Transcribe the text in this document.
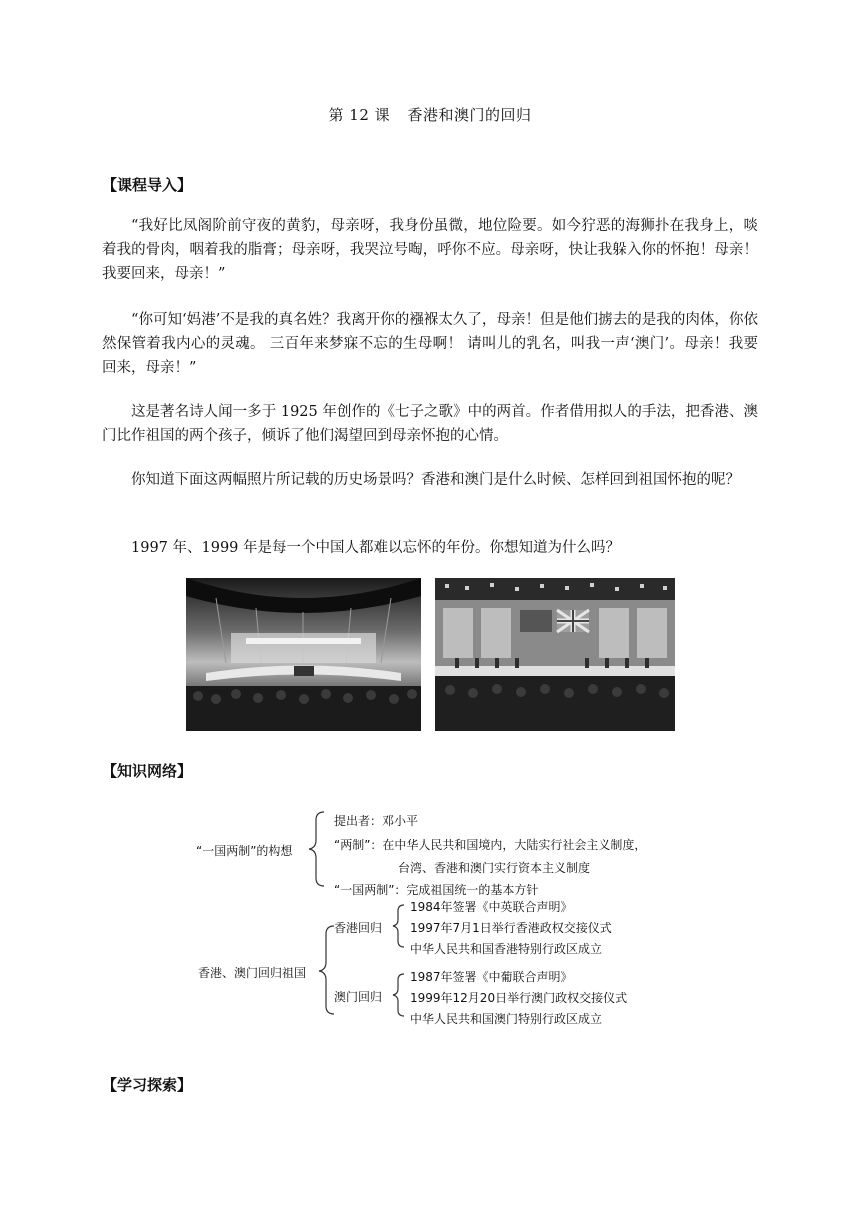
第 12 课 香港和澳门的回归
【课程导入】
“我好比凤阁阶前守夜的黄豹，母亲呀，我身份虽微，地位险要。如今狞恶的海狮扑在我身上，啖着我的骨肉，咽着我的脂膏；母亲呀，我哭泣号啕，呼你不应。母亲呀，快让我躲入你的怀抱！母亲！我要回来，母亲！”
“你可知‘妈港’不是我的真名姓？我离开你的襁褓太久了，母亲！但是他们掳去的是我的肉体，你依然保管着我内心的灵魂。 三百年来梦寐不忘的生母啊！ 请叫儿的乳名，叫我一声‘澳门’。母亲！我要回来，母亲！”
这是著名诗人闻一多于 1925 年创作的《七子之歌》中的两首。作者借用拟人的手法，把香港、澳门比作祖国的两个孩子，倾诉了他们渴望回到母亲怀抱的心情。
你知道下面这两幅照片所记载的历史场景吗？香港和澳门是什么时候、怎样回到祖国怀抱的呢？
1997 年、1999 年是每一个中国人都难以忘怀的年份。你想知道为什么吗？
【知识网络】
“一国两制”的构想
提出者：邓小平
“两制”：在中华人民共和国境内，大陆实行社会主义制度，
台湾、香港和澳门实行资本主义制度
“一国两制”：完成祖国统一的基本方针
香港、澳门回归祖国
香港回归
1984年签署《中英联合声明》
1997年7月1日举行香港政权交接仪式
中华人民共和国香港特别行政区成立
澳门回归
1987年签署《中葡联合声明》
1999年12月20日举行澳门政权交接仪式
中华人民共和国澳门特别行政区成立
【学习探索】
